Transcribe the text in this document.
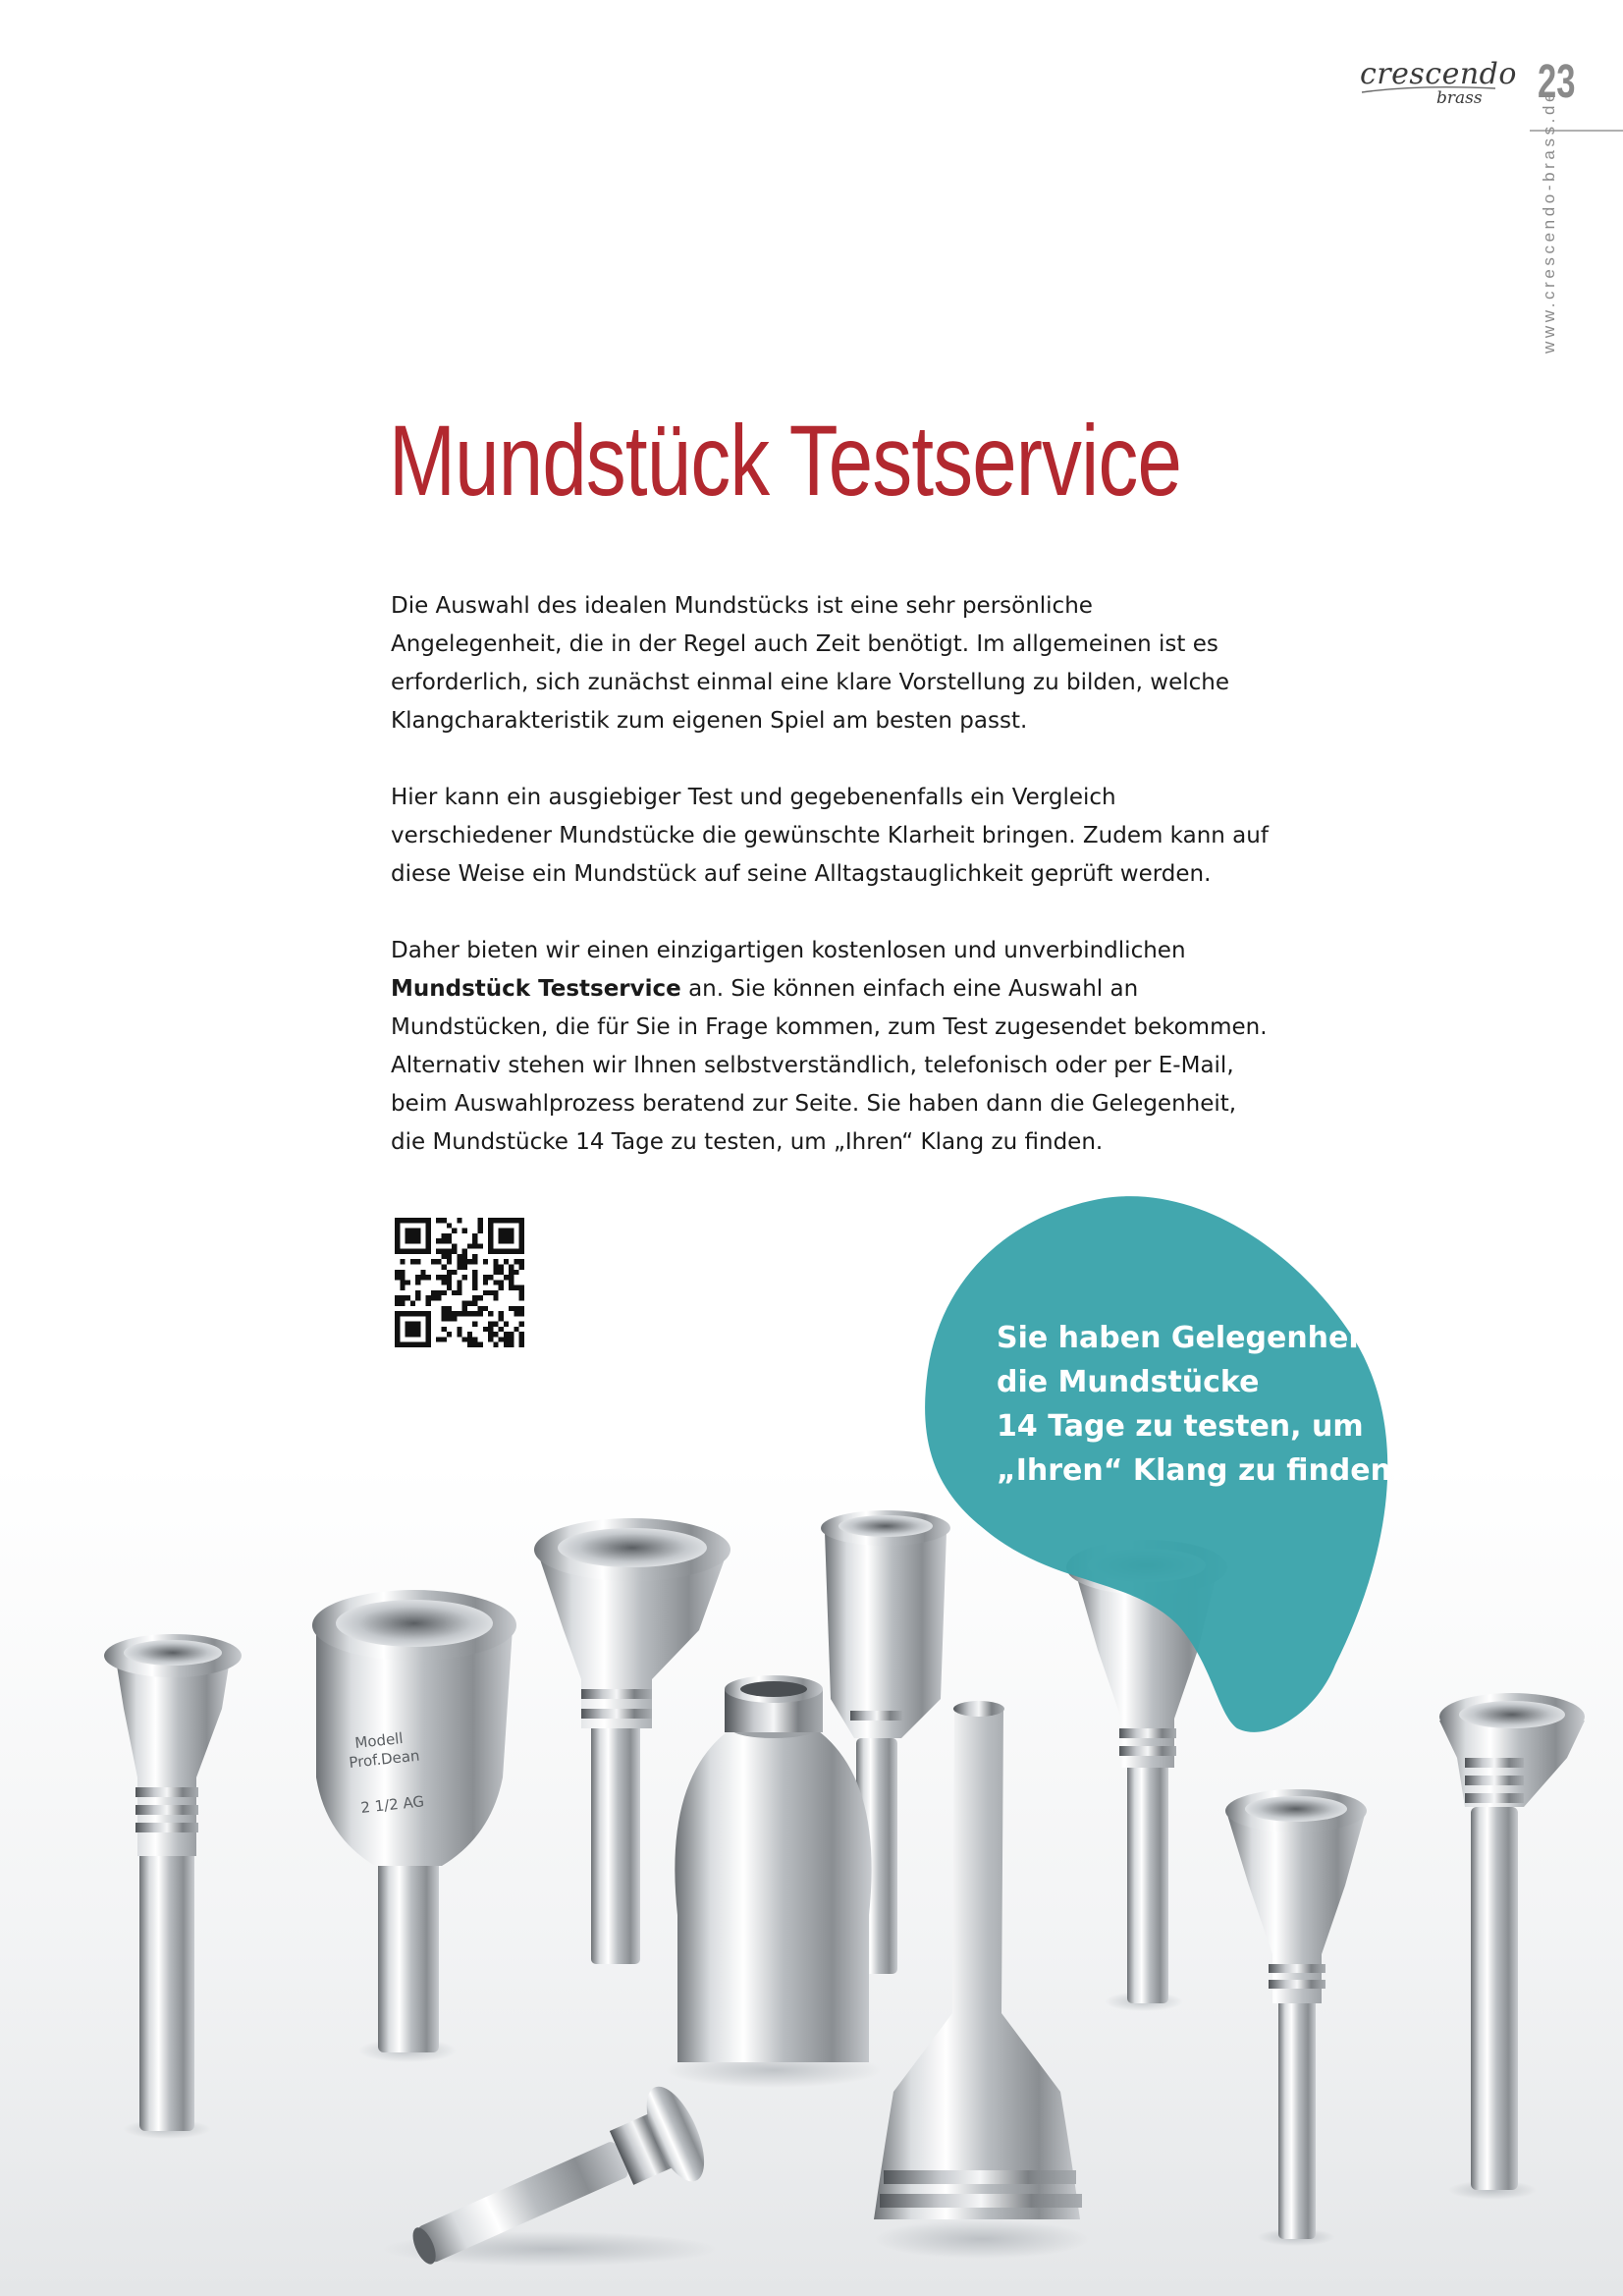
crescendo
brass 23
www.crescendo-brass.de
Mundstück Testservice

Die Auswahl des idealen Mundstücks ist eine sehr persönliche
Angelegenheit, die in der Regel auch Zeit benötigt. Im allgemeinen ist es
erforderlich, sich zunächst einmal eine klare Vorstellung zu bilden, welche
Klangcharakteristik zum eigenen Spiel am besten passt.

Hier kann ein ausgiebiger Test und gegebenenfalls ein Vergleich
verschiedener Mundstücke die gewünschte Klarheit bringen. Zudem kann auf
diese Weise ein Mundstück auf seine Alltagstauglichkeit geprüft werden.

Daher bieten wir einen einzigartigen kostenlosen und unverbindlichen
Mundstück Testservice an. Sie können einfach eine Auswahl an
Mundstücken, die für Sie in Frage kommen, zum Test zugesendet bekommen.
Alternativ stehen wir Ihnen selbstverständlich, telefonisch oder per E-Mail,
beim Auswahlprozess beratend zur Seite. Sie haben dann die Gelegenheit,
die Mundstücke 14 Tage zu testen, um „Ihren“ Klang zu finden.

Modell
Prof.Dean
2 1/2 AG
Sie haben Gelegenheit,
die Mundstücke
14 Tage zu testen, um
„Ihren“ Klang zu finden.
